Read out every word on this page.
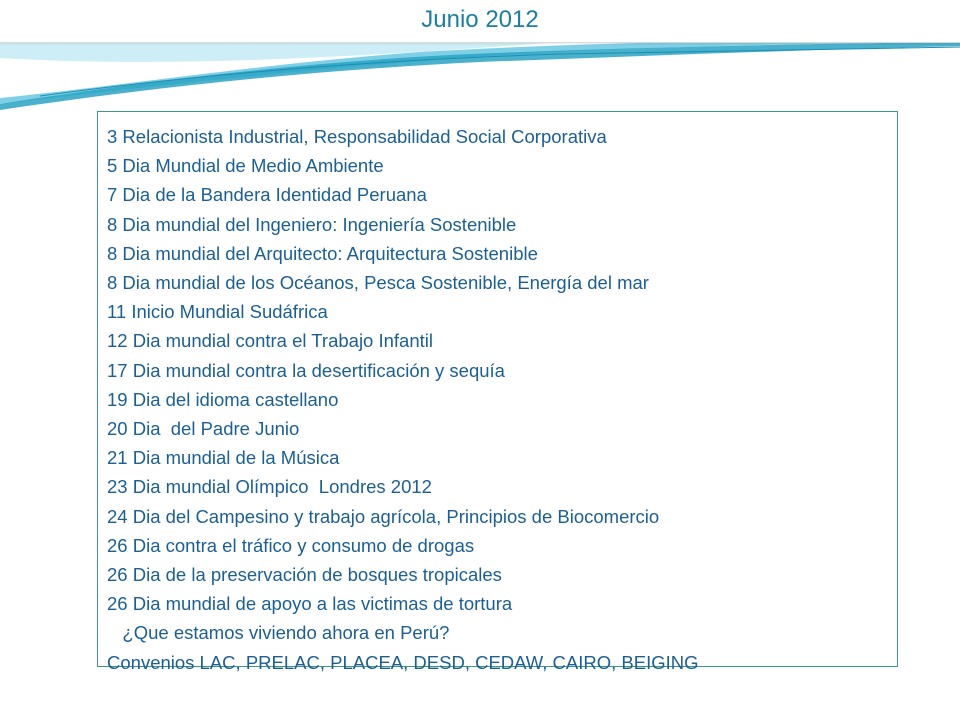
Junio 2012
3 Relacionista Industrial, Responsabilidad Social Corporativa
5 Dia Mundial de Medio Ambiente
7 Dia de la Bandera Identidad Peruana
8 Dia mundial del Ingeniero: Ingeniería Sostenible
8 Dia mundial del Arquitecto: Arquitectura Sostenible
8 Dia mundial de los Océanos, Pesca Sostenible, Energía del mar
11 Inicio Mundial Sudáfrica
12 Dia mundial contra el Trabajo Infantil
17 Dia mundial contra la desertificación y sequía
19 Dia del idioma castellano
20 Dia  del Padre Junio
21 Dia mundial de la Música
23 Dia mundial Olímpico  Londres 2012
24 Dia del Campesino y trabajo agrícola, Principios de Biocomercio
26 Dia contra el tráfico y consumo de drogas
26 Dia de la preservación de bosques tropicales
26 Dia mundial de apoyo a las victimas de tortura
¿Que estamos viviendo ahora en Perú?
Convenios LAC, PRELAC, PLACEA, DESD, CEDAW, CAIRO, BEIGING
